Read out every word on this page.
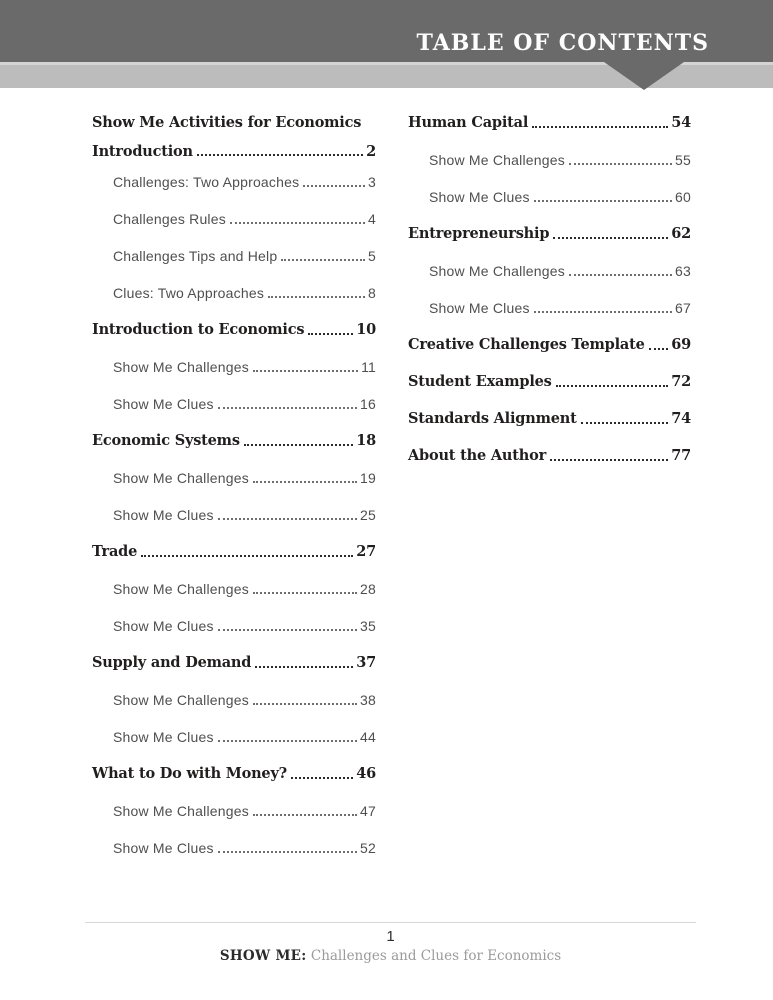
TABLE OF CONTENTS
Show Me Activities for Economics
Introduction	2
Challenges: Two Approaches	3
Challenges Rules	4
Challenges Tips and Help	5
Clues: Two Approaches	8
Introduction to Economics	10
Show Me Challenges	11
Show Me Clues	16
Economic Systems	18
Show Me Challenges	19
Show Me Clues	25
Trade	27
Show Me Challenges	28
Show Me Clues	35
Supply and Demand	37
Show Me Challenges	38
Show Me Clues	44
What to Do with Money?	46
Show Me Challenges	47
Show Me Clues	52
Human Capital	54
Show Me Challenges	55
Show Me Clues	60
Entrepreneurship	62
Show Me Challenges	63
Show Me Clues	67
Creative Challenges Template 69
Student Examples	72
Standards Alignment	74
About the Author	77
1
SHOW ME: Challenges and Clues for Economics
